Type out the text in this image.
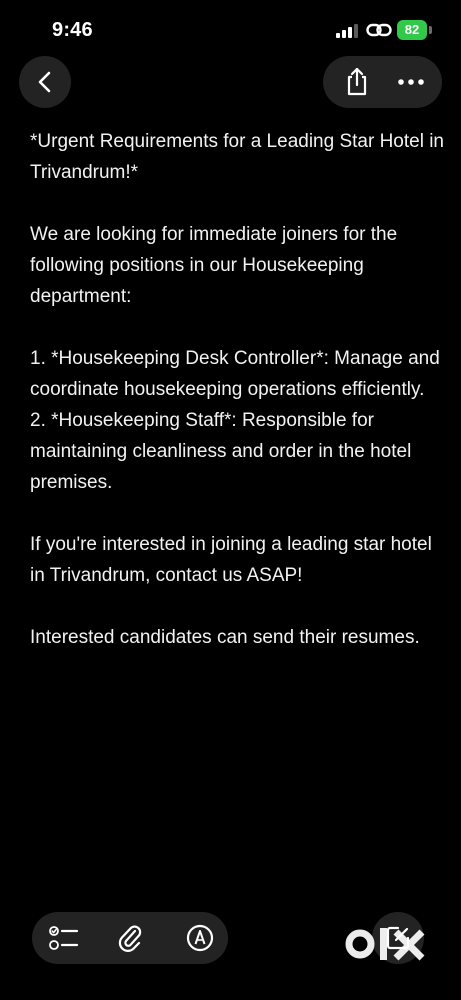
9:46	82

*Urgent Requirements for a Leading Star Hotel in Trivandrum!*

We are looking for immediate joiners for the following positions in our Housekeeping department:

1. *Housekeeping Desk Controller*: Manage and coordinate housekeeping operations efficiently.

2. *Housekeeping Staff*: Responsible for maintaining cleanliness and order in the hotel premises.

If you're interested in joining a leading star hotel in Trivandrum, contact us ASAP!

Interested candidates can send their resumes.
